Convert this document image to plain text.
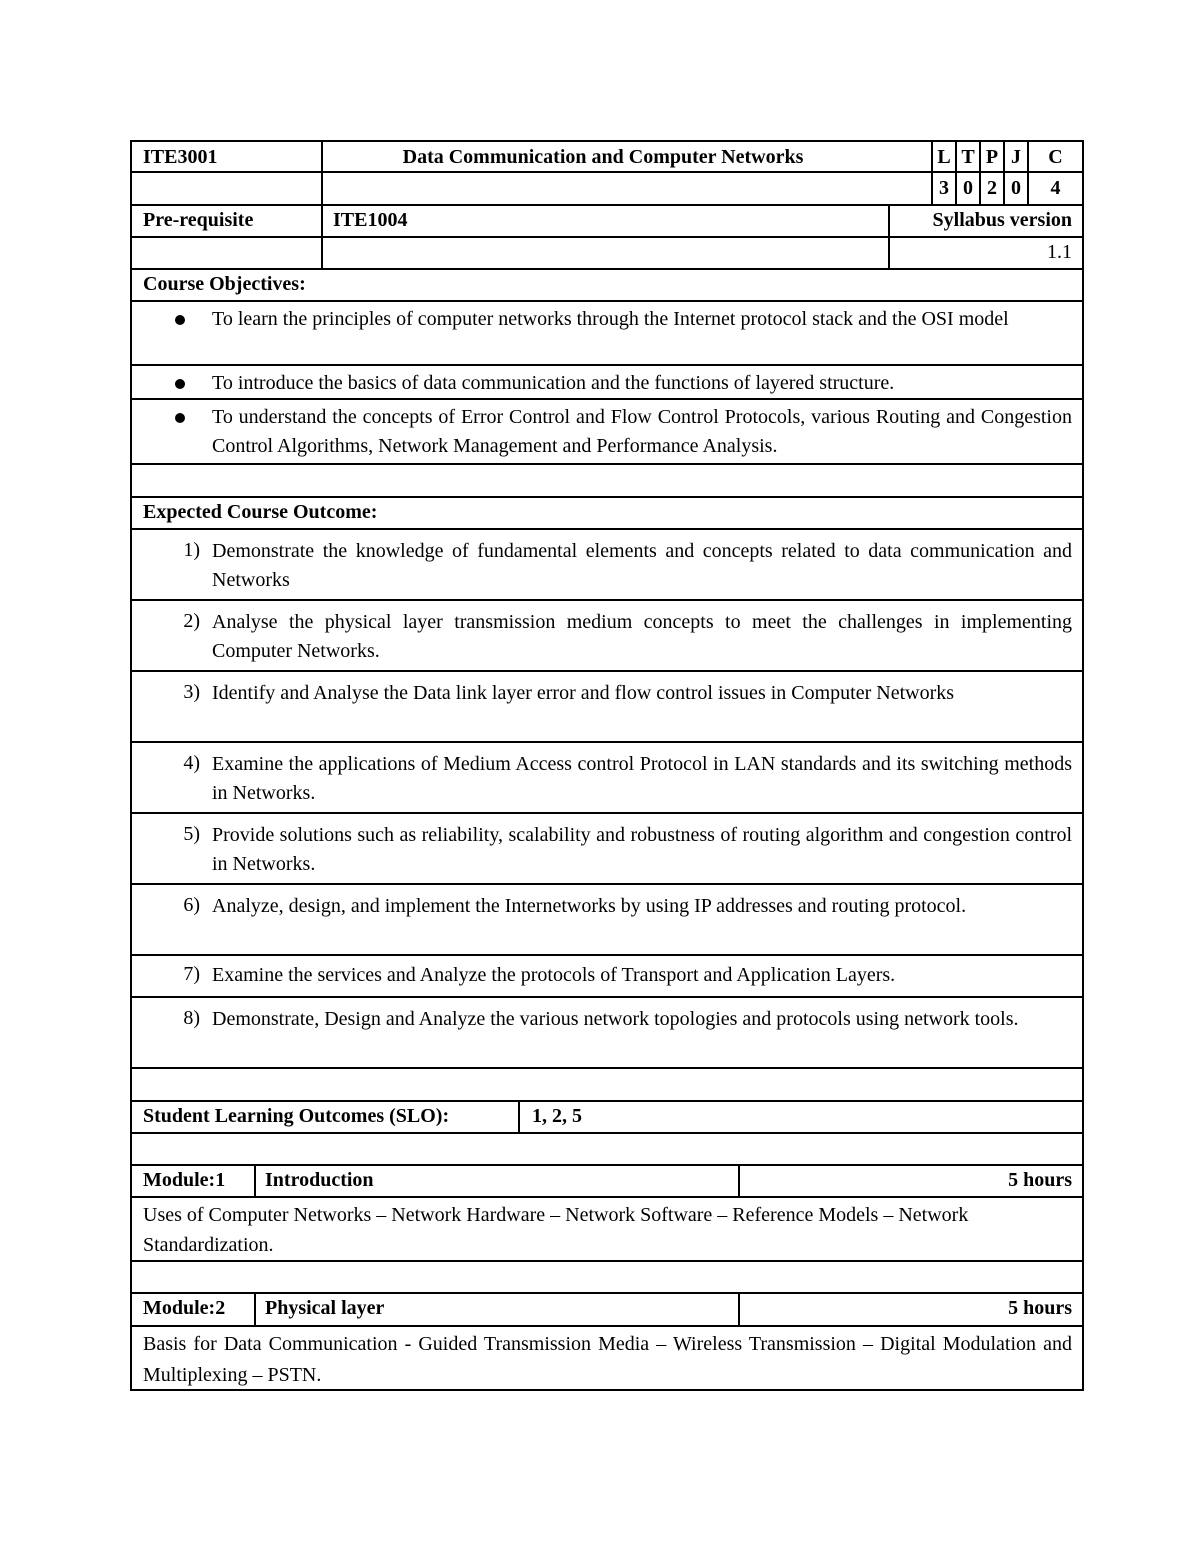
ITE3001	Data Communication and Computer Networks	L T P J	C
3 0 2 0	4
Pre-requisite	ITE1004	Syllabus version
1.1
Course Objectives:
To learn the principles of computer networks through the Internet protocol stack and the OSI model
To introduce the basics of data communication and the functions of layered structure.
To understand the concepts of Error Control and Flow Control Protocols, various Routing and Congestion Control Algorithms, Network Management and Performance Analysis.
Expected Course Outcome:
1) Demonstrate the knowledge of fundamental elements and concepts related to data communication and Networks
2) Analyse the physical layer transmission medium concepts to meet the challenges in implementing Computer Networks.
3) Identify and Analyse the Data link layer error and flow control issues in Computer Networks
4) Examine the applications of Medium Access control Protocol in LAN standards and its switching methods in Networks.
5) Provide solutions such as reliability, scalability and robustness of routing algorithm and congestion control in Networks.
6) Analyze, design, and implement the Internetworks by using IP addresses and routing protocol.
7) Examine the services and Analyze the protocols of Transport and Application Layers.
8) Demonstrate, Design and Analyze the various network topologies and protocols using network tools.
Student Learning Outcomes (SLO):	1, 2, 5
Module:1 Introduction	5 hours
Uses of Computer Networks – Network Hardware – Network Software – Reference Models – Network Standardization.
Module:2 Physical layer	5 hours
Basis for Data Communication - Guided Transmission Media – Wireless Transmission – Digital Modulation and Multiplexing – PSTN.
